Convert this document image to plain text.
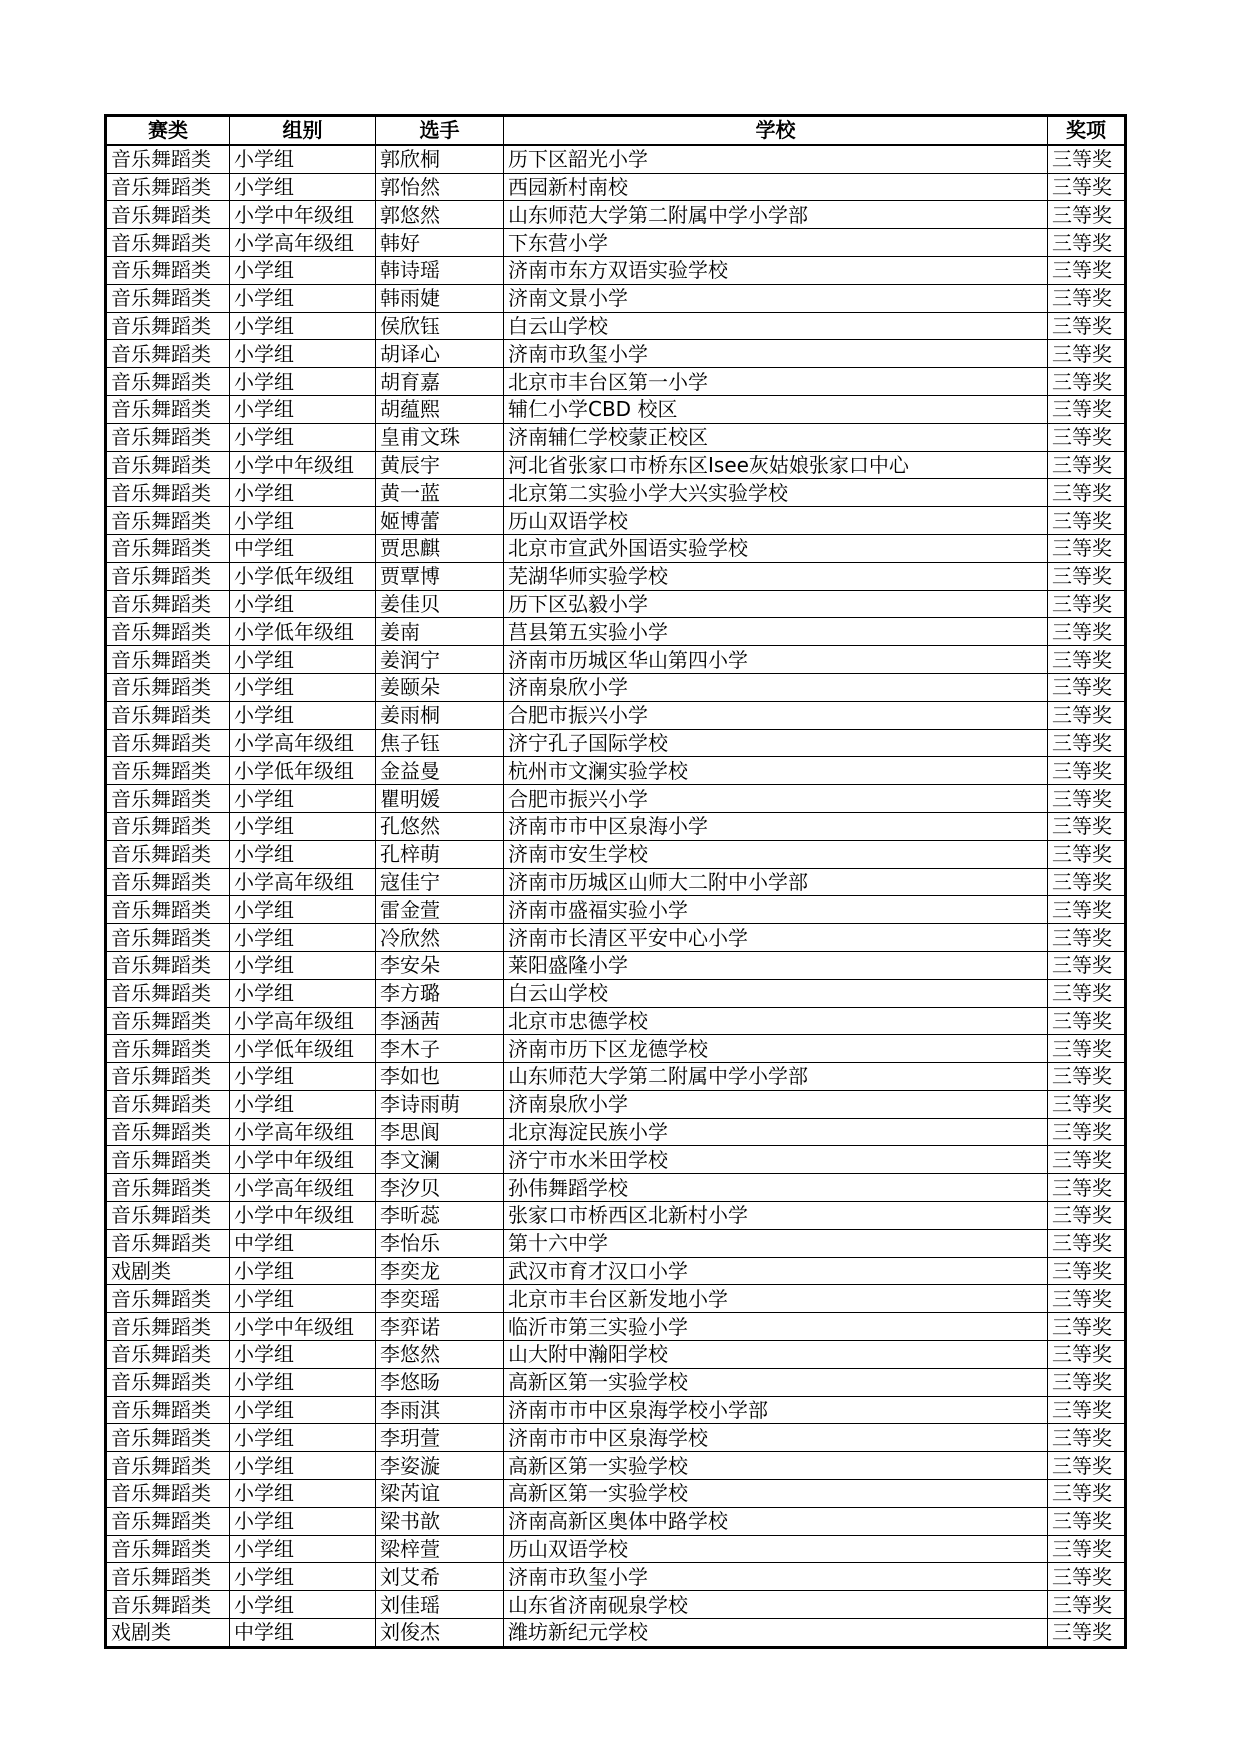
赛类	组别	选手	学校	奖项
音乐舞蹈类	小学组	郭欣桐	历下区韶光小学	三等奖
音乐舞蹈类	小学组	郭怡然	西园新村南校	三等奖
音乐舞蹈类	小学中年级组	郭悠然	山东师范大学第二附属中学小学部	三等奖
音乐舞蹈类	小学高年级组	韩好	下东营小学	三等奖
音乐舞蹈类	小学组	韩诗瑶	济南市东方双语实验学校	三等奖
音乐舞蹈类	小学组	韩雨婕	济南文景小学	三等奖
音乐舞蹈类	小学组	侯欣钰	白云山学校	三等奖
音乐舞蹈类	小学组	胡译心	济南市玖玺小学	三等奖
音乐舞蹈类	小学组	胡育嘉	北京市丰台区第一小学	三等奖
音乐舞蹈类	小学组	胡蕴熙	辅仁小学CBD 校区	三等奖
音乐舞蹈类	小学组	皇甫文珠	济南辅仁学校蒙正校区	三等奖
音乐舞蹈类	小学中年级组	黄辰宇	河北省张家口市桥东区Isee灰姑娘张家口中心	三等奖
音乐舞蹈类	小学组	黄一蓝	北京第二实验小学大兴实验学校	三等奖
音乐舞蹈类	小学组	姬博蕾	历山双语学校	三等奖
音乐舞蹈类	中学组	贾思麒	北京市宣武外国语实验学校	三等奖
音乐舞蹈类	小学低年级组	贾覃博	芜湖华师实验学校	三等奖
音乐舞蹈类	小学组	姜佳贝	历下区弘毅小学	三等奖
音乐舞蹈类	小学低年级组	姜南	莒县第五实验小学	三等奖
音乐舞蹈类	小学组	姜润宁	济南市历城区华山第四小学	三等奖
音乐舞蹈类	小学组	姜颐朵	济南泉欣小学	三等奖
音乐舞蹈类	小学组	姜雨桐	合肥市振兴小学	三等奖
音乐舞蹈类	小学高年级组	焦子钰	济宁孔子国际学校	三等奖
音乐舞蹈类	小学低年级组	金益曼	杭州市文澜实验学校	三等奖
音乐舞蹈类	小学组	瞿明媛	合肥市振兴小学	三等奖
音乐舞蹈类	小学组	孔悠然	济南市市中区泉海小学	三等奖
音乐舞蹈类	小学组	孔梓萌	济南市安生学校	三等奖
音乐舞蹈类	小学高年级组	寇佳宁	济南市历城区山师大二附中小学部	三等奖
音乐舞蹈类	小学组	雷金萱	济南市盛福实验小学	三等奖
音乐舞蹈类	小学组	冷欣然	济南市长清区平安中心小学	三等奖
音乐舞蹈类	小学组	李安朵	莱阳盛隆小学	三等奖
音乐舞蹈类	小学组	李方璐	白云山学校	三等奖
音乐舞蹈类	小学高年级组	李涵茜	北京市忠德学校	三等奖
音乐舞蹈类	小学低年级组	李木子	济南市历下区龙德学校	三等奖
音乐舞蹈类	小学组	李如也	山东师范大学第二附属中学小学部	三等奖
音乐舞蹈类	小学组	李诗雨萌	济南泉欣小学	三等奖
音乐舞蹈类	小学高年级组	李思阆	北京海淀民族小学	三等奖
音乐舞蹈类	小学中年级组	李文澜	济宁市水米田学校	三等奖
音乐舞蹈类	小学高年级组	李汐贝	孙伟舞蹈学校	三等奖
音乐舞蹈类	小学中年级组	李昕蕊	张家口市桥西区北新村小学	三等奖
音乐舞蹈类	中学组	李怡乐	第十六中学	三等奖
戏剧类	小学组	李奕龙	武汉市育才汉口小学	三等奖
音乐舞蹈类	小学组	李奕瑶	北京市丰台区新发地小学	三等奖
音乐舞蹈类	小学中年级组	李弈诺	临沂市第三实验小学	三等奖
音乐舞蹈类	小学组	李悠然	山大附中瀚阳学校	三等奖
音乐舞蹈类	小学组	李悠旸	高新区第一实验学校	三等奖
音乐舞蹈类	小学组	李雨淇	济南市市中区泉海学校小学部	三等奖
音乐舞蹈类	小学组	李玥萱	济南市市中区泉海学校	三等奖
音乐舞蹈类	小学组	李姿漩	高新区第一实验学校	三等奖
音乐舞蹈类	小学组	梁芮谊	高新区第一实验学校	三等奖
音乐舞蹈类	小学组	梁书歆	济南高新区奥体中路学校	三等奖
音乐舞蹈类	小学组	梁梓萱	历山双语学校	三等奖
音乐舞蹈类	小学组	刘艾希	济南市玖玺小学	三等奖
音乐舞蹈类	小学组	刘佳瑶	山东省济南砚泉学校	三等奖
戏剧类	中学组	刘俊杰	潍坊新纪元学校	三等奖
